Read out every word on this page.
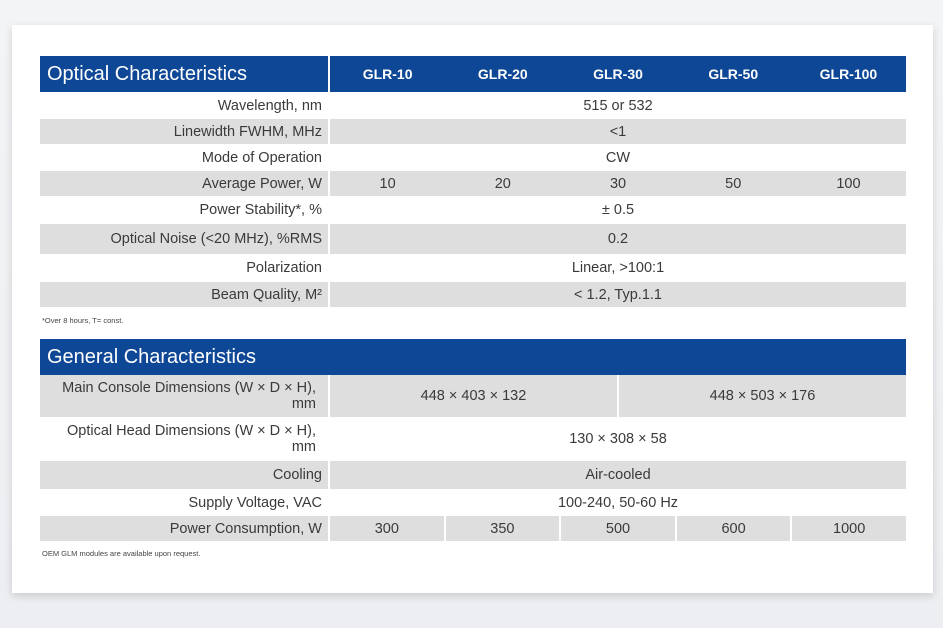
Optical Characteristics	GLR-10	GLR-20	GLR-30	GLR-50	GLR-100
Wavelength, nm	515 or 532
Linewidth FWHM, MHz	<1
Mode of Operation	CW
Average Power, W	10	20	30	50	100
Power Stability*, %	± 0.5
Optical Noise (<20 MHz), %RMS	0.2
Polarization	Linear, >100:1
Beam Quality, M²	< 1.2, Typ.1.1
*Over 8 hours, T= const.
General Characteristics
Main Console Dimensions (W × D × H),
mm	448 × 403 × 132	448 × 503 × 176
Optical Head Dimensions (W × D × H),
mm	130 × 308 × 58
Cooling	Air-cooled
Supply Voltage, VAC	100-240, 50-60 Hz
Power Consumption, W	300	350	500	600	1000
OEM GLM modules are available upon request.
